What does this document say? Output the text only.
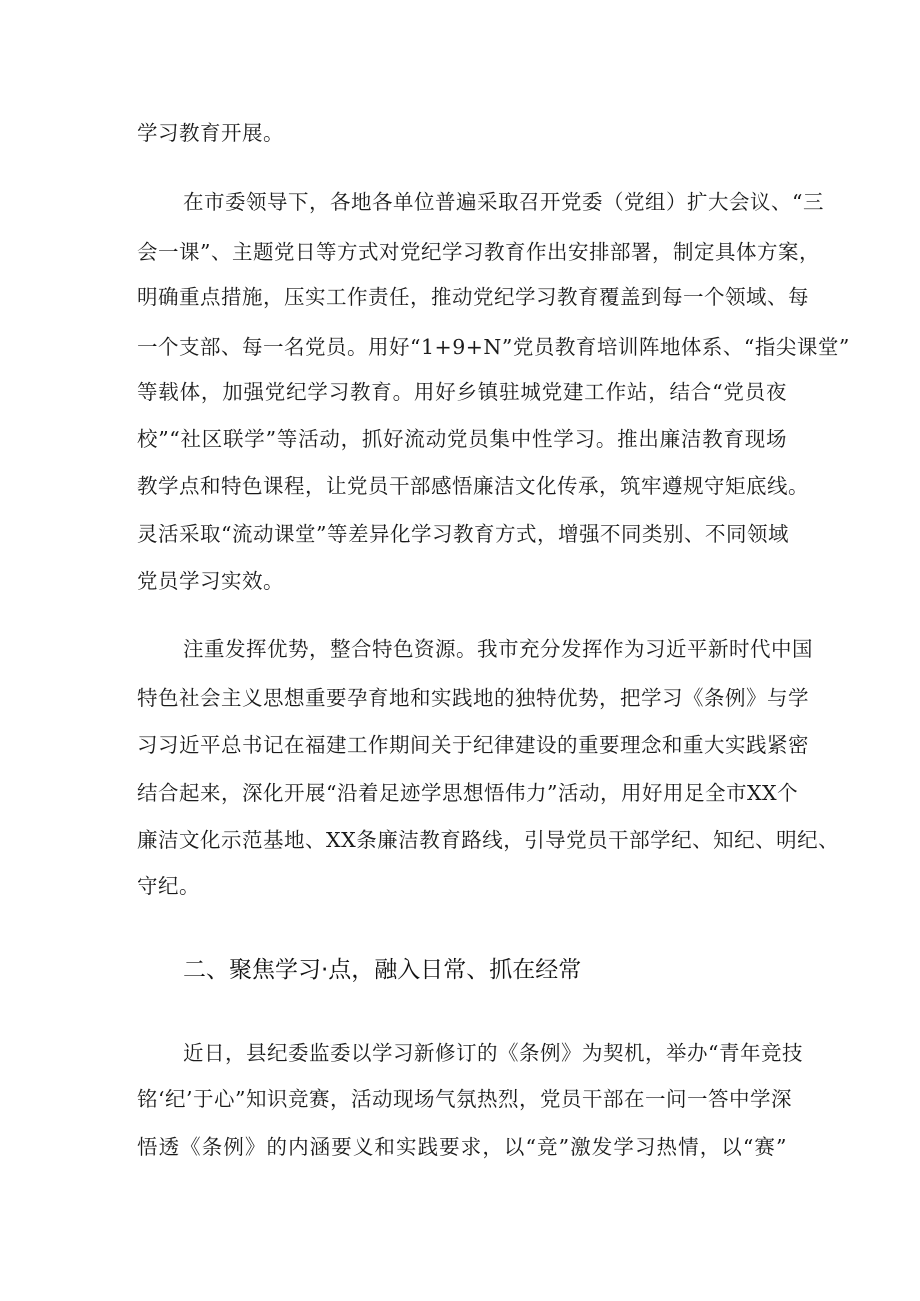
学习教育开展。
在市委领导下，各地各单位普遍采取召开党委（党组）扩大会议、“三
会一课”、主题党日等方式对党纪学习教育作出安排部署，制定具体方案，
明确重点措施，压实工作责任，推动党纪学习教育覆盖到每一个领域、每
一个支部、每一名党员。用好“1+9+N”党员教育培训阵地体系、“指尖课堂”
等载体，加强党纪学习教育。用好乡镇驻城党建工作站，结合“党员夜
校”“社区联学”等活动，抓好流动党员集中性学习。推出廉洁教育现场
教学点和特色课程，让党员干部感悟廉洁文化传承，筑牢遵规守矩底线。
灵活采取“流动课堂”等差异化学习教育方式，增强不同类别、不同领域
党员学习实效。
注重发挥优势，整合特色资源。我市充分发挥作为习近平新时代中国
特色社会主义思想重要孕育地和实践地的独特优势，把学习《条例》与学
习习近平总书记在福建工作期间关于纪律建设的重要理念和重大实践紧密
结合起来，深化开展“沿着足迹学思想悟伟力”活动，用好用足全市XX个
廉洁文化示范基地、XX条廉洁教育路线，引导党员干部学纪、知纪、明纪、
守纪。
二、聚焦学习·点，融入日常、抓在经常
近日，县纪委监委以学习新修订的《条例》为契机，举办“青年竞技
铭‘纪’于心”知识竞赛，活动现场气氛热烈，党员干部在一问一答中学深
悟透《条例》的内涵要义和实践要求，以“竞”激发学习热情，以“赛”
